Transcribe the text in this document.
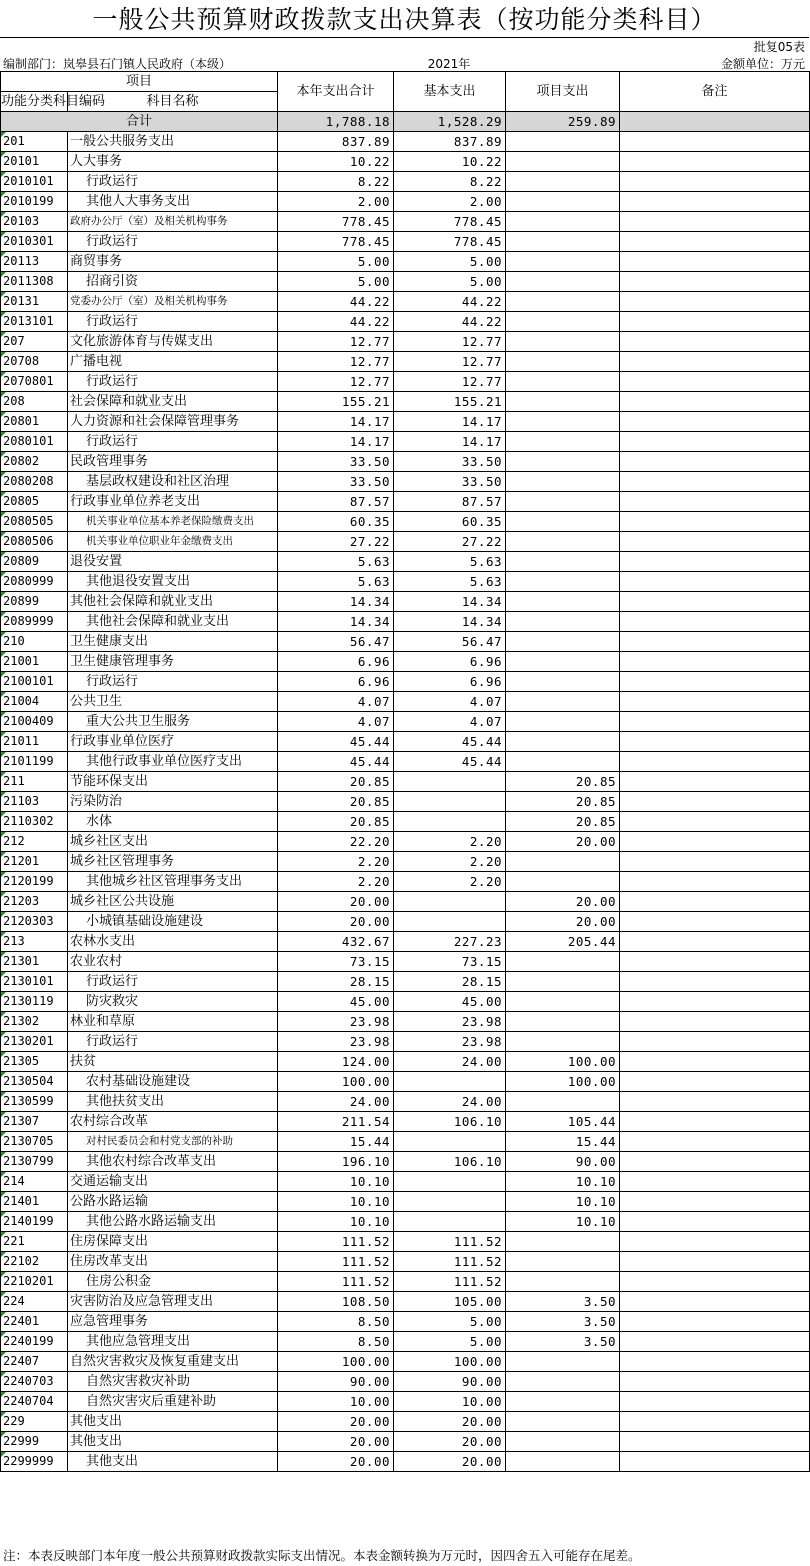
一般公共预算财政拨款支出决算表（按功能分类科目）
批复05表
编制部门：岚皋县石门镇人民政府（本级）	2021年	金额单位：万元
项目		本年支出合计	基本支出	项目支出	备注
功能分类科目编码	科目名称				
合计		1,788.18	1,528.29	259.89	
201	一般公共服务支出	837.89	837.89		
20101	人大事务	10.22	10.22		
2010101	行政运行	8.22	8.22		
2010199	其他人大事务支出	2.00	2.00		
20103	政府办公厅（室）及相关机构事务	778.45	778.45		
2010301	行政运行	778.45	778.45		
20113	商贸事务	5.00	5.00		
2011308	招商引资	5.00	5.00		
20131	党委办公厅（室）及相关机构事务	44.22	44.22		
2013101	行政运行	44.22	44.22		
207	文化旅游体育与传媒支出	12.77	12.77		
20708	广播电视	12.77	12.77		
2070801	行政运行	12.77	12.77		
208	社会保障和就业支出	155.21	155.21		
20801	人力资源和社会保障管理事务	14.17	14.17		
2080101	行政运行	14.17	14.17		
20802	民政管理事务	33.50	33.50		
2080208	基层政权建设和社区治理	33.50	33.50		
20805	行政事业单位养老支出	87.57	87.57		
2080505	机关事业单位基本养老保险缴费支出	60.35	60.35		
2080506	机关事业单位职业年金缴费支出	27.22	27.22		
20809	退役安置	5.63	5.63		
2080999	其他退役安置支出	5.63	5.63		
20899	其他社会保障和就业支出	14.34	14.34		
2089999	其他社会保障和就业支出	14.34	14.34		
210	卫生健康支出	56.47	56.47		
21001	卫生健康管理事务	6.96	6.96		
2100101	行政运行	6.96	6.96		
21004	公共卫生	4.07	4.07		
2100409	重大公共卫生服务	4.07	4.07		
21011	行政事业单位医疗	45.44	45.44		
2101199	其他行政事业单位医疗支出	45.44	45.44		
211	节能环保支出	20.85		20.85	
21103	污染防治	20.85		20.85	
2110302	水体	20.85		20.85	
212	城乡社区支出	22.20	2.20	20.00	
21201	城乡社区管理事务	2.20	2.20		
2120199	其他城乡社区管理事务支出	2.20	2.20		
21203	城乡社区公共设施	20.00		20.00	
2120303	小城镇基础设施建设	20.00		20.00	
213	农林水支出	432.67	227.23	205.44	
21301	农业农村	73.15	73.15		
2130101	行政运行	28.15	28.15		
2130119	防灾救灾	45.00	45.00		
21302	林业和草原	23.98	23.98		
2130201	行政运行	23.98	23.98		
21305	扶贫	124.00	24.00	100.00	
2130504	农村基础设施建设	100.00		100.00	
2130599	其他扶贫支出	24.00	24.00		
21307	农村综合改革	211.54	106.10	105.44	
2130705	对村民委员会和村党支部的补助	15.44		15.44	
2130799	其他农村综合改革支出	196.10	106.10	90.00	
214	交通运输支出	10.10		10.10	
21401	公路水路运输	10.10		10.10	
2140199	其他公路水路运输支出	10.10		10.10	
221	住房保障支出	111.52	111.52		
22102	住房改革支出	111.52	111.52		
2210201	住房公积金	111.52	111.52		
224	灾害防治及应急管理支出	108.50	105.00	3.50	
22401	应急管理事务	8.50	5.00	3.50	
2240199	其他应急管理支出	8.50	5.00	3.50	
22407	自然灾害救灾及恢复重建支出	100.00	100.00		
2240703	自然灾害救灾补助	90.00	90.00		
2240704	自然灾害灾后重建补助	10.00	10.00		
229	其他支出	20.00	20.00		
22999	其他支出	20.00	20.00		
2299999	其他支出	20.00	20.00		
注：本表反映部门本年度一般公共预算财政拨款实际支出情况。本表金额转换为万元时，因四舍五入可能存在尾差。
